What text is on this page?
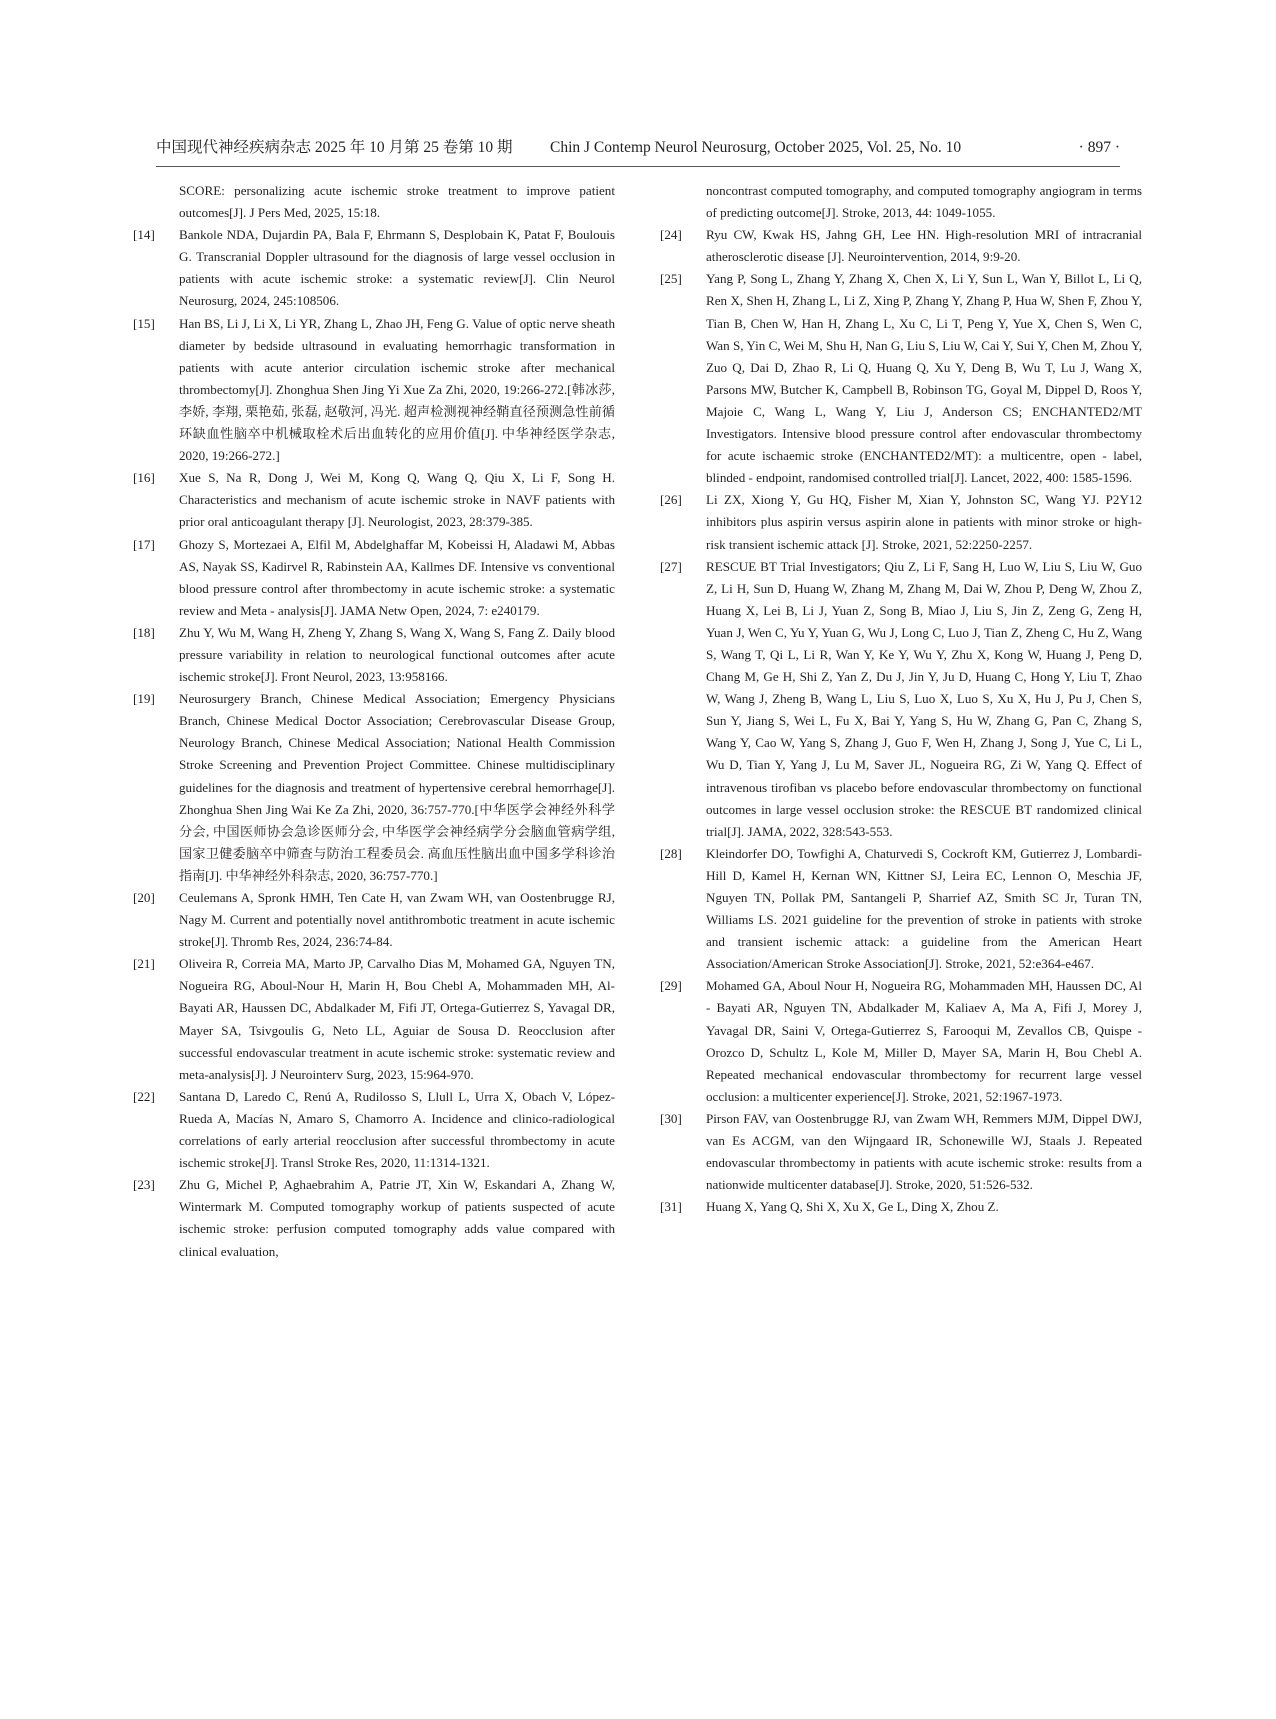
中国现代神经疾病杂志 2025 年 10 月第 25 卷第 10 期 Chin J Contemp Neurol Neurosurg, October 2025, Vol. 25, No. 10	· 897 ·
SCORE: personalizing acute ischemic stroke treatment to improve patient outcomes[J]. J Pers Med, 2025, 15:18.
[14]	Bankole NDA, Dujardin PA, Bala F, Ehrmann S, Desplobain K, Patat F, Boulouis G. Transcranial Doppler ultrasound for the diagnosis of large vessel occlusion in patients with acute ischemic stroke: a systematic review[J]. Clin Neurol Neurosurg, 2024, 245:108506.
[15]	Han BS, Li J, Li X, Li YR, Zhang L, Zhao JH, Feng G. Value of optic nerve sheath diameter by bedside ultrasound in evaluating hemorrhagic transformation in patients with acute anterior circulation ischemic stroke after mechanical thrombectomy[J]. Zhonghua Shen Jing Yi Xue Za Zhi, 2020, 19:266-272.[韩冰莎, 李娇, 李翔, 栗艳茹, 张磊, 赵敬河, 冯光. 超声检测视神经鞘直径预测急性前循环缺血性脑卒中机械取栓术后出血转化的应用价值[J]. 中华神经医学杂志, 2020, 19:266-272.]
[16]	Xue S, Na R, Dong J, Wei M, Kong Q, Wang Q, Qiu X, Li F, Song H. Characteristics and mechanism of acute ischemic stroke in NAVF patients with prior oral anticoagulant therapy [J]. Neurologist, 2023, 28:379-385.
[17]	Ghozy S, Mortezaei A, Elfil M, Abdelghaffar M, Kobeissi H, Aladawi M, Abbas AS, Nayak SS, Kadirvel R, Rabinstein AA, Kallmes DF. Intensive vs conventional blood pressure control after thrombectomy in acute ischemic stroke: a systematic review and Meta - analysis[J]. JAMA Netw Open, 2024, 7: e240179.
[18]	Zhu Y, Wu M, Wang H, Zheng Y, Zhang S, Wang X, Wang S, Fang Z. Daily blood pressure variability in relation to neurological functional outcomes after acute ischemic stroke[J]. Front Neurol, 2023, 13:958166.
[19]	Neurosurgery Branch, Chinese Medical Association; Emergency Physicians Branch, Chinese Medical Doctor Association; Cerebrovascular Disease Group, Neurology Branch, Chinese Medical Association; National Health Commission Stroke Screening and Prevention Project Committee. Chinese multidisciplinary guidelines for the diagnosis and treatment of hypertensive cerebral hemorrhage[J]. Zhonghua Shen Jing Wai Ke Za Zhi, 2020, 36:757-770.[中华医学会神经外科学分会, 中国医师协会急诊医师分会, 中华医学会神经病学分会脑血管病学组, 国家卫健委脑卒中筛查与防治工程委员会. 高血压性脑出血中国多学科诊治指南[J]. 中华神经外科杂志, 2020, 36:757-770.]
[20]	Ceulemans A, Spronk HMH, Ten Cate H, van Zwam WH, van Oostenbrugge RJ, Nagy M. Current and potentially novel antithrombotic treatment in acute ischemic stroke[J]. Thromb Res, 2024, 236:74-84.
[21]	Oliveira R, Correia MA, Marto JP, Carvalho Dias M, Mohamed GA, Nguyen TN, Nogueira RG, Aboul-Nour H, Marin H, Bou Chebl A, Mohammaden MH, Al-Bayati AR, Haussen DC, Abdalkader M, Fifi JT, Ortega-Gutierrez S, Yavagal DR, Mayer SA, Tsivgoulis G, Neto LL, Aguiar de Sousa D. Reocclusion after successful endovascular treatment in acute ischemic stroke: systematic review and meta-analysis[J]. J Neurointerv Surg, 2023, 15:964-970.
[22]	Santana D, Laredo C, Renú A, Rudilosso S, Llull L, Urra X, Obach V, López-Rueda A, Macías N, Amaro S, Chamorro A. Incidence and clinico-radiological correlations of early arterial reocclusion after successful thrombectomy in acute ischemic stroke[J]. Transl Stroke Res, 2020, 11:1314-1321.
[23]	Zhu G, Michel P, Aghaebrahim A, Patrie JT, Xin W, Eskandari A, Zhang W, Wintermark M. Computed tomography workup of patients suspected of acute ischemic stroke: perfusion computed tomography adds value compared with clinical evaluation,
noncontrast computed tomography, and computed tomography angiogram in terms of predicting outcome[J]. Stroke, 2013, 44: 1049-1055.
[24]	Ryu CW, Kwak HS, Jahng GH, Lee HN. High-resolution MRI of intracranial atherosclerotic disease [J]. Neurointervention, 2014, 9:9-20.
[25]	Yang P, Song L, Zhang Y, Zhang X, Chen X, Li Y, Sun L, Wan Y, Billot L, Li Q, Ren X, Shen H, Zhang L, Li Z, Xing P, Zhang Y, Zhang P, Hua W, Shen F, Zhou Y, Tian B, Chen W, Han H, Zhang L, Xu C, Li T, Peng Y, Yue X, Chen S, Wen C, Wan S, Yin C, Wei M, Shu H, Nan G, Liu S, Liu W, Cai Y, Sui Y, Chen M, Zhou Y, Zuo Q, Dai D, Zhao R, Li Q, Huang Q, Xu Y, Deng B, Wu T, Lu J, Wang X, Parsons MW, Butcher K, Campbell B, Robinson TG, Goyal M, Dippel D, Roos Y, Majoie C, Wang L, Wang Y, Liu J, Anderson CS; ENCHANTED2/MT Investigators. Intensive blood pressure control after endovascular thrombectomy for acute ischaemic stroke (ENCHANTED2/MT): a multicentre, open - label, blinded - endpoint, randomised controlled trial[J]. Lancet, 2022, 400: 1585-1596.
[26]	Li ZX, Xiong Y, Gu HQ, Fisher M, Xian Y, Johnston SC, Wang YJ. P2Y12 inhibitors plus aspirin versus aspirin alone in patients with minor stroke or high-risk transient ischemic attack [J]. Stroke, 2021, 52:2250-2257.
[27]	RESCUE BT Trial Investigators; Qiu Z, Li F, Sang H, Luo W, Liu S, Liu W, Guo Z, Li H, Sun D, Huang W, Zhang M, Zhang M, Dai W, Zhou P, Deng W, Zhou Z, Huang X, Lei B, Li J, Yuan Z, Song B, Miao J, Liu S, Jin Z, Zeng G, Zeng H, Yuan J, Wen C, Yu Y, Yuan G, Wu J, Long C, Luo J, Tian Z, Zheng C, Hu Z, Wang S, Wang T, Qi L, Li R, Wan Y, Ke Y, Wu Y, Zhu X, Kong W, Huang J, Peng D, Chang M, Ge H, Shi Z, Yan Z, Du J, Jin Y, Ju D, Huang C, Hong Y, Liu T, Zhao W, Wang J, Zheng B, Wang L, Liu S, Luo X, Luo S, Xu X, Hu J, Pu J, Chen S, Sun Y, Jiang S, Wei L, Fu X, Bai Y, Yang S, Hu W, Zhang G, Pan C, Zhang S, Wang Y, Cao W, Yang S, Zhang J, Guo F, Wen H, Zhang J, Song J, Yue C, Li L, Wu D, Tian Y, Yang J, Lu M, Saver JL, Nogueira RG, Zi W, Yang Q. Effect of intravenous tirofiban vs placebo before endovascular thrombectomy on functional outcomes in large vessel occlusion stroke: the RESCUE BT randomized clinical trial[J]. JAMA, 2022, 328:543-553.
[28]	Kleindorfer DO, Towfighi A, Chaturvedi S, Cockroft KM, Gutierrez J, Lombardi-Hill D, Kamel H, Kernan WN, Kittner SJ, Leira EC, Lennon O, Meschia JF, Nguyen TN, Pollak PM, Santangeli P, Sharrief AZ, Smith SC Jr, Turan TN, Williams LS. 2021 guideline for the prevention of stroke in patients with stroke and transient ischemic attack: a guideline from the American Heart Association/American Stroke Association[J]. Stroke, 2021, 52:e364-e467.
[29]	Mohamed GA, Aboul Nour H, Nogueira RG, Mohammaden MH, Haussen DC, Al - Bayati AR, Nguyen TN, Abdalkader M, Kaliaev A, Ma A, Fifi J, Morey J, Yavagal DR, Saini V, Ortega-Gutierrez S, Farooqui M, Zevallos CB, Quispe - Orozco D, Schultz L, Kole M, Miller D, Mayer SA, Marin H, Bou Chebl A. Repeated mechanical endovascular thrombectomy for recurrent large vessel occlusion: a multicenter experience[J]. Stroke, 2021, 52:1967-1973.
[30]	Pirson FAV, van Oostenbrugge RJ, van Zwam WH, Remmers MJM, Dippel DWJ, van Es ACGM, van den Wijngaard IR, Schonewille WJ, Staals J. Repeated endovascular thrombectomy in patients with acute ischemic stroke: results from a nationwide multicenter database[J]. Stroke, 2020, 51:526-532.
[31]	Huang X, Yang Q, Shi X, Xu X, Ge L, Ding X, Zhou Z.
